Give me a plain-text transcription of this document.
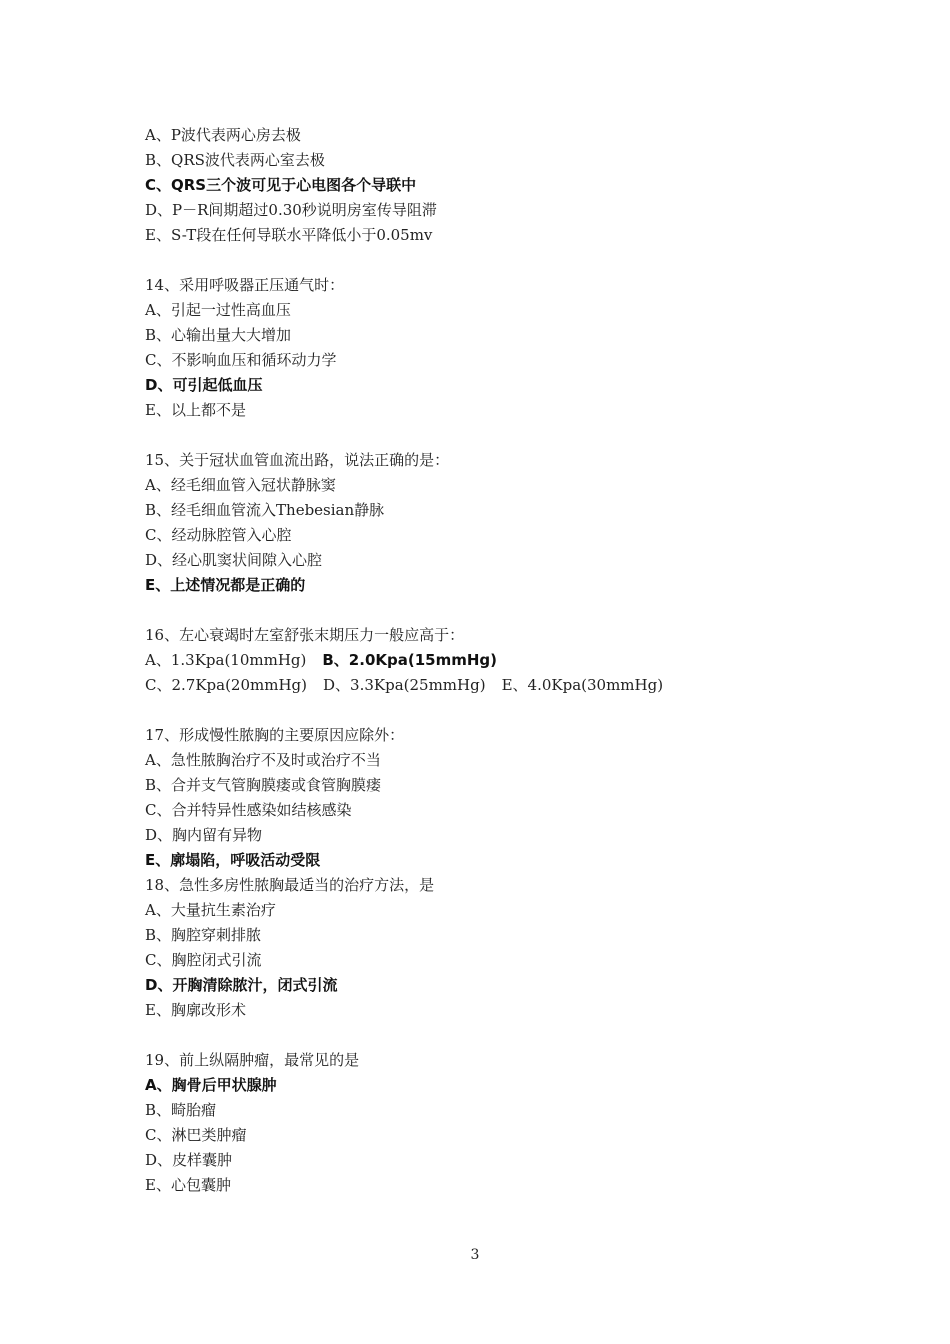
A、P波代表两心房去极
B、QRS波代表两心室去极
C、QRS三个波可见于心电图各个导联中
D、P－R间期超过0.30秒说明房室传导阻滞
E、S-T段在任何导联水平降低小于0.05mv
14、采用呼吸器正压通气时：
A、引起一过性高血压
B、心输出量大大增加
C、不影响血压和循环动力学
D、可引起低血压
E、以上都不是
15、关于冠状血管血流出路，说法正确的是：
A、经毛细血管入冠状静脉窦
B、经毛细血管流入Thebesian静脉
C、经动脉腔管入心腔
D、经心肌窦状间隙入心腔
E、上述情况都是正确的
16、左心衰竭时左室舒张末期压力一般应高于：
A、1.3Kpa(10mmHg) B、2.0Kpa(15mmHg)
C、2.7Kpa(20mmHg) D、3.3Kpa(25mmHg) E、4.0Kpa(30mmHg)
17、形成慢性脓胸的主要原因应除外：
A、急性脓胸治疗不及时或治疗不当
B、合并支气管胸膜瘘或食管胸膜瘘
C、合并特异性感染如结核感染
D、胸内留有异物
E、廓塌陷，呼吸活动受限
18、急性多房性脓胸最适当的治疗方法，是
A、大量抗生素治疗
B、胸腔穿刺排脓
C、胸腔闭式引流
D、开胸清除脓汁，闭式引流
E、胸廓改形术
19、前上纵隔肿瘤，最常见的是
A、胸骨后甲状腺肿
B、畸胎瘤
C、淋巴类肿瘤
D、皮样囊肿
E、心包囊肿
3
